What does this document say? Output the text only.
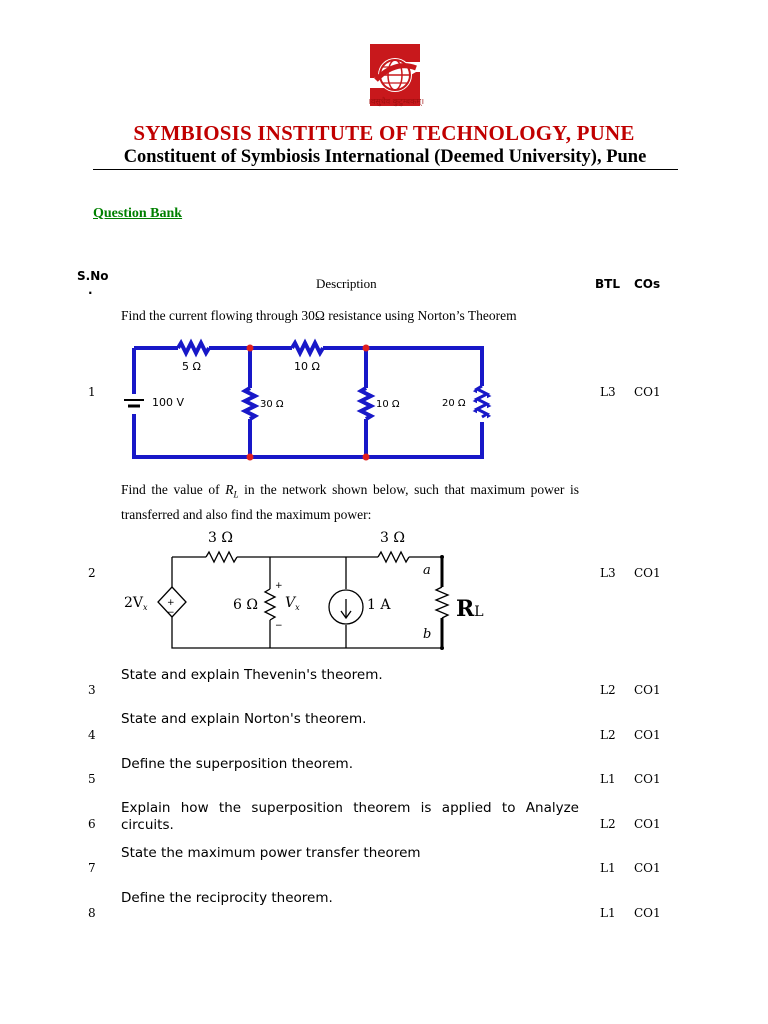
।वसुधैव कुटुम्बकम्।
SYMBIOSIS INSTITUTE OF TECHNOLOGY, PUNE
Constituent of Symbiosis International (Deemed University), Pune
Question Bank
S.No
.	Description	BTL COs
Find the current flowing through 30Ω resistance using Norton’s Theorem
1	L3 CO1
5 Ω	10 Ω
100 V	30 Ω	10 Ω	20 Ω
Find the value of $R_L$ in the network shown below, such that maximum power is transferred and also find the maximum power:
2	L3 CO1
+
−
3 Ω	3 Ω
$2V_x$	6 Ω
+
−
$V_x$	1 A
a
b
RL
State and explain Thevenin's theorem.
3	L2 CO1
State and explain Norton's theorem.
4	L2 CO1
Define the superposition theorem.
5	L1 CO1
Explain how the superposition theorem is applied to Analyze circuits.
6	L2 CO1
State the maximum power transfer theorem
7	L1 CO1
Define the reciprocity theorem.
8	L1 CO1
